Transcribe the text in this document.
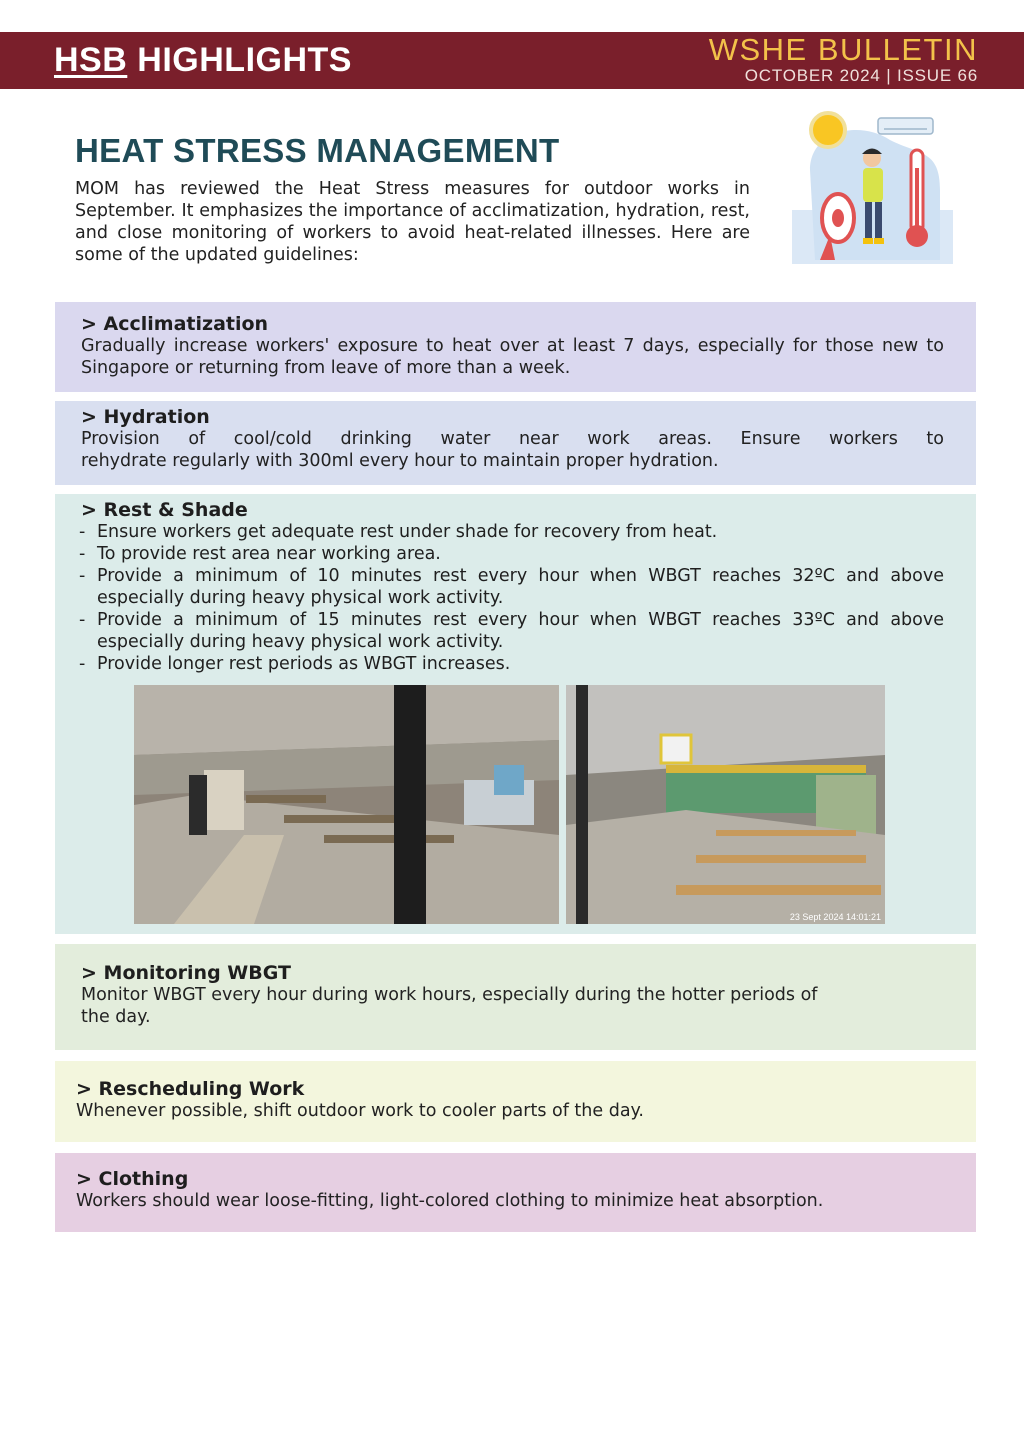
HSB HIGHLIGHTS	WSHE BULLETIN
OCTOBER 2024 | ISSUE 66
HEAT STRESS MANAGEMENT
MOM has reviewed the Heat Stress measures for outdoor works in September. It emphasizes the importance of acclimatization, hydration, rest, and close monitoring of workers to avoid heat-related illnesses. Here are some of the updated guidelines:
> Acclimatization
Gradually increase workers' exposure to heat over at least 7 days, especially for those new to Singapore or returning from leave of more than a week.
> Hydration
Provision of cool/cold drinking water near work areas. Ensure workers to
rehydrate regularly with 300ml every hour to maintain proper hydration.
> Rest & Shade
- Ensure workers get adequate rest under shade for recovery from heat.
- To provide rest area near working area.
- Provide a minimum of 10 minutes rest every hour when WBGT reaches 32ºC and above especially during heavy physical work activity.
- Provide a minimum of 15 minutes rest every hour when WBGT reaches 33ºC and above especially during heavy physical work activity.
- Provide longer rest periods as WBGT increases.
23 Sept 2024 14:01:21
> Monitoring WBGT
Monitor WBGT every hour during work hours, especially during the hotter periods of the day.
> Rescheduling Work
Whenever possible, shift outdoor work to cooler parts of the day.
> Clothing
Workers should wear loose-fitting, light-colored clothing to minimize heat absorption.
